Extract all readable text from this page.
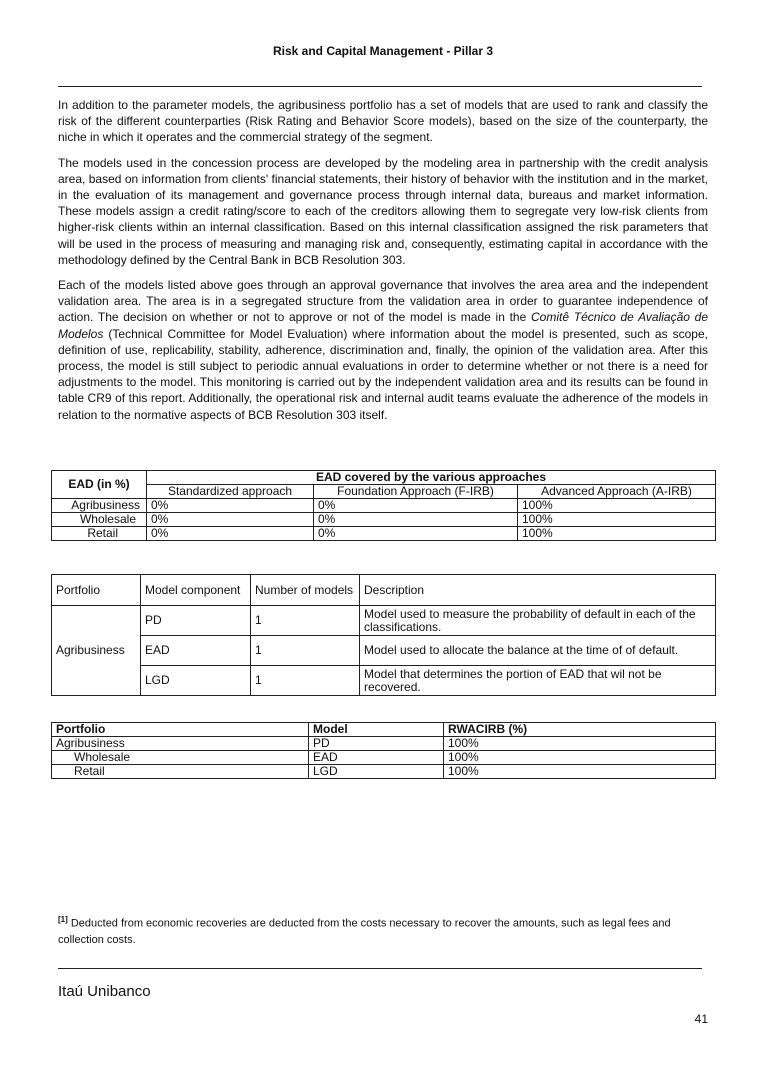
Risk and Capital Management - Pillar 3

In addition to the parameter models, the agribusiness portfolio has a set of models that are used to rank and classify the risk of the different counterparties (Risk Rating and Behavior Score models), based on the size of the counterparty, the niche in which it operates and the commercial strategy of the segment.

The models used in the concession process are developed by the modeling area in partnership with the credit analysis area, based on information from clients' financial statements, their history of behavior with the institution and in the market, in the evaluation of its management and governance process through internal data, bureaus and market information. These models assign a credit rating/score to each of the creditors allowing them to segregate very low-risk clients from higher-risk clients within an internal classification. Based on this internal classification assigned the risk parameters that will be used in the process of measuring and managing risk and, consequently, estimating capital in accordance with the methodology defined by the Central Bank in BCB Resolution 303.

Each of the models listed above goes through an approval governance that involves the area area and the independent validation area. The area is in a segregated structure from the validation area in order to guarantee independence of action. The decision on whether or not to approve or not of the model is made in the Comitê Técnico de Avaliação de Modelos (Technical Committee for Model Evaluation) where information about the model is presented, such as scope, definition of use, replicability, stability, adherence, discrimination and, finally, the opinion of the validation area. After this process, the model is still subject to periodic annual evaluations in order to determine whether or not there is a need for adjustments to the model. This monitoring is carried out by the independent validation area and its results can be found in table CR9 of this report. Additionally, the operational risk and internal audit teams evaluate the adherence of the models in relation to the normative aspects of BCB Resolution 303 itself.

EAD (in %)	EAD covered by the various approaches		
	Standardized approach	Foundation Approach (F-IRB)	Advanced Approach (A-IRB)
Agribusiness	0%	0%	100%
Wholesale	0%	0%	100%
Retail	0%	0%	100%
Portfolio	Model component	Number of models	Description
Agribusiness	PD	1	Model used to measure the probability of default in each of the classifications.
	EAD	1	Model used to allocate the balance at the time of of default.
	LGD	1	Model that determines the portion of EAD that wil not be recovered.
Portfolio	Model	RWACIRB (%)
Agribusiness	PD	100%
Wholesale	EAD	100%
Retail	LGD	100%
[1] Deducted from economic recoveries are deducted from the costs necessary to recover the amounts, such as legal fees and collection costs.
Itaú Unibanco
41
